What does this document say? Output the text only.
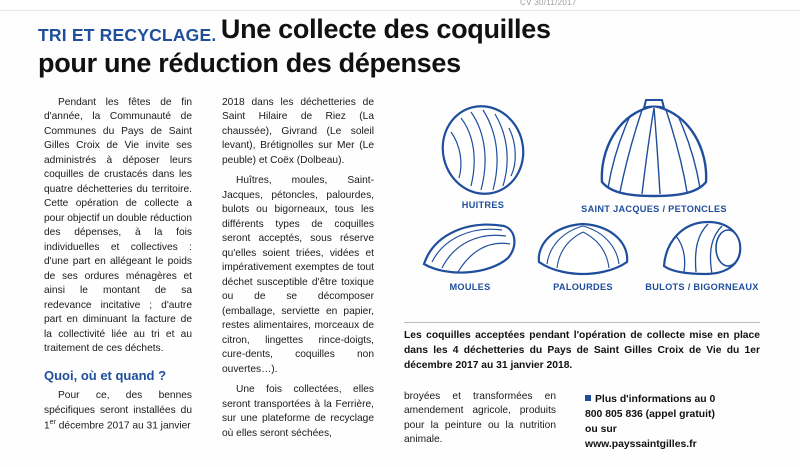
CV 30/11/2017
TRI ET RECYCLAGE. Une collecte des coquilles
pour une réduction des dépenses

Pendant les fêtes de fin d'année, la Communauté de Communes du Pays de Saint Gilles Croix de Vie invite ses administrés à déposer leurs coquilles de crustacés dans les quatre déchetteries du territoire. Cette opération de collecte a pour objectif un double réduction des dépenses, à la fois individuelles et collectives : d'une part en allégeant le poids de ses ordures ménagères et ainsi le montant de sa redevance incitative ; d'autre part en diminuant la facture de la collectivité liée au tri et au traitement de ces déchets.

Quoi, où et quand ?

Pour ce, des bennes spécifiques seront installées du 1er décembre 2017 au 31 janvier

2018 dans les déchetteries de Saint Hilaire de Riez (La chaussée), Givrand (Le soleil levant), Brétignolles sur Mer (Le peuble) et Coëx (Dolbeau).

Huîtres, moules, Saint-Jacques, pétoncles, palourdes, bulots ou bigorneaux, tous les différents types de coquilles seront acceptés, sous réserve qu'elles soient triées, vidées et impérativement exemptes de tout déchet susceptible d'être toxique ou de se décomposer (emballage, serviette en papier, restes alimentaires, morceaux de citron, lingettes rince-doigts, cure-dents, coquilles non ouvertes…).

Une fois collectées, elles seront transportées à la Ferrière, sur une plateforme de recyclage où elles seront séchées,

broyées et transformées en amendement agricole, produits pour la peinture ou la nutrition animale.

HUITRES	SAINT JACQUES / PETONCLES
MOULES	PALOURDES	BULOTS / BIGORNEAUX
Les coquilles acceptées pendant l'opération de collecte mise en place dans les 4 déchetteries du Pays de Saint Gilles Croix de Vie du 1er décembre 2017 au 31 janvier 2018.
Plus d'informations au 0
800 805 836 (appel gratuit)
ou sur
www.payssaintgilles.fr
